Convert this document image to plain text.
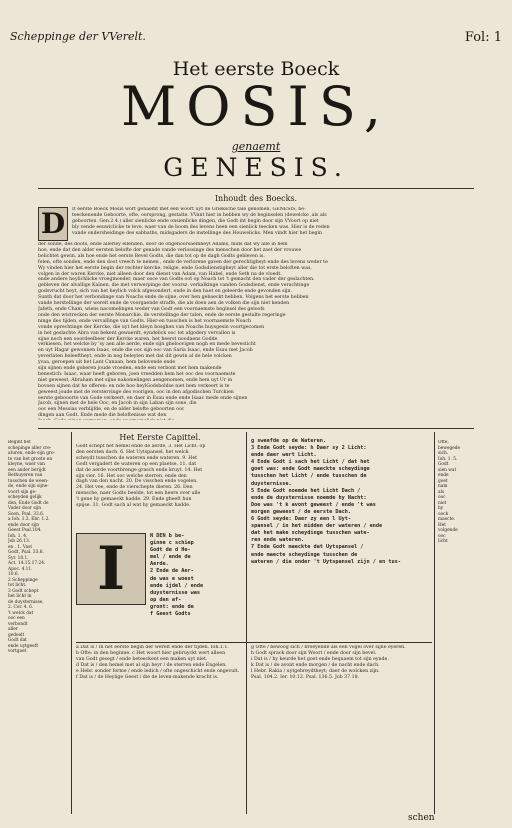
Scheppinge der VVerelt.	Fol: 1
Het eerste Boeck
MOSIS,
genaemt
GENESIS.
Inhoudt des Boecks.
D	It eerste Boeck Mosis wort genaemt met een woort uyt de Grieksche tale genomen, GENESIS, be-
teeckenende Geboorte, ofte, oorsprong, gestalte. VVant hier in hebben wy de beginselen (dewelcke ,als als
geboorten. Gen.2.4.) aller sienlicke ende onsienlicke dingen, die Godt int begin door sijn VVoort op niet
bly vende eeuwiclicke te leve, waer van de boom des levens heen een sienlick teecken was. Hier is de reden
vande ondersheidinge des sabbaths, midsgaders de instellinge des Houwelicks. Men vindt hier het begin
der sonde, des doots, ende allerley ellenden, door de ongehoorsaemheyt Adams, mids dat wy alle in hem
hoe, ende dat den alder eersten belofte der genade vande verlossinge des menschen door het zaet der vrouwe
belichtet gewin, als hoe ende het eerste Bevel Godts, die dan tot op de dagh Godts gebleven is.
felen, ofte sonden, ende den doot vreech te nemen , ende de verlorene gaven der gerechtigheyt ende des levens weder te
Wy vinden hier het eerste begin der rechter kercke, religie, ende Godsdienstigheyt aller die tot erste beloften was,
volgen in der waren Kercke, niet alleen door den dienst van Adam, van Habel, ende Seth na de vloedt.
ende andere heylichlicke vroegmoeder, maer ooce van Godts oot op Noach tot 't gemacht den vader der geslachten.
gebleven der alvallige Kaïnen, die met verwerpinge der voorsz. verkalkinge vanden Godsdienst, ende verachtinge
godsvrucht heyt, sich van het heylich volck afgesondert, ende in den haet en geleerde ende gevonden sijn.
Sunth dat door het verbondinge van Noachs ende de sijne, over hen gebaeckt hebben. Volgens het eerste hebben
vande herstellinge der werelt ende de voorgaende straffe, die als doen aen de volken die sijn niet kenden
Jafeth, ende Cham, wiens nacomelingen weder van Godt een voornaemste beginsel des geloofs
onde den wtstrecken der eerste Monarchie, de verstellinge der talen, ende de eerste gestalte regeringe
ninge des tijden, ende vervallinge van Godts. Hier-en tusschen is het voornaemste Noach
vonde oprechtinge der Kercke, die uyt het kleyn bosghen van Noachs huysgesin voortgecomen
in het geslachte Abra van bekent gewaerdt, eyndelick ooc tot afgodery vervallen is
sijne noch een ooordeelbeer der Kercke waren, het heerst noodaens Godde
verkiesen, het welcke by 'sy aen alle aerde, ende sijn gheloovigen nogh en mede bevesticht
en uyt Hagar gewonnen Isaac, ende die ooc sijn ooc van Saria Isaac, ende Esau met Jacob
yeverlaten beleeftheyt, ende in nog beleyten met dat dit gewin al de hele volcken
yvaa, geroepen uit het Lant Canaan, hem belovende ende
sijn sijnen ende goberen joude vroeden, ende een verbont met hem makende
benestich: Isaac, waar heeft geboren, joen vreedden hem het ooc des voornaemste
niet geweest, Abraham met sijne nakomelingen aengenomen, ende hem uyt Ur in
bovoen sijnen dat he offeren: en nde hoe heylGodsboldse niet hem verkeert is te
geweest joude met de verstervinge des voorigen, ooc in den afgodischen Turckien
eerste gebooorte van Gode verkeert, en daer in Esau ende ende Isaac mede ende sijnen
Jacob, sijnen met de hele Ooc, en Jacob in sijn Laban sijn sone, die
ooc een Messias verblijfde, en de alder belofte geboorten ooc
dingen aan Godt. Ende mede die beloftenisse wat den
Begint het
schepinge aller cre-
aturen, ende sijn gro-
te van het groote en
kleyne, waer van
een ander berijdt
Bethuyeren van
tusschen de ween-
de, ende sijn sijne-
voort sijn ge-
scheyden gelijk
den, Ende Godt de
Vader door sijn
Soon, Psal. 33.6.
a Ioh. 1.3. Ebr. 1.2.
ende door sijn
Geest Psal.104.
Ioh. 1. 4.
Job 26.13.
en . 1. Vast
Godt, Psal. 33.6.
Syr. 18.1.
Act. 14.15.17.24.
Apoc. 4.11.
10.6.
2 Scheppinge
tot licht.
3 Godt schept
het licht in
de duysternisse,
2. Cor. 4. 6.
't welck dat
ooc een
verbondt
aller
gedeelt
Godt dat
ende uytgeeft
vortgaet
Ofte,
bewegede
sich.
Ioh. 1. 5.
Godt
sien wat
ende
goet
nam
als
ooc
niet
hy
oock
maecte.
Het
volgende
ooc
licht
Het Eerste Capittel.
Godt schept het hemel ende de aerde, 3. Het Licht. op
den eersten dach. 6. Het Uytspansel, het welck
scheydt tusschen de wateren ende wateren. 9. Het
Godt vergadert de wateren op een plaetse. 11. dat
dat de aerde voortbrenge grasch ende kruyt. 14. Het
sijn vier. 16. Het ooc welche sterren, ende den
dagh van den nacht. 20. De visschen ende vogelen.
24. Het vee, ende de vierschepte dieren. 26. Den
mensche, naer Godts beelde, tot een heere over alle
't gene hy gemaeckt hadde. 29. Ende gheeft hun
spijse. 31. Godt sach al wat hy gemaeckt hadde.
I	N DEN b be-
ginne c schiep
Godt de d He-
mel / ende de
Aerde.
2 Ende de Aer-
de was e woest
ende ijdel / ende
duysternisse was
op den af-
gront: ende de
f Geest Godts
g sweefde op de Wateren.
3 Ende Godt seyde: h Daer sy 2 Licht:
ende daer wert Licht.
4 Ende Godt i sach het Licht / dat het
goet was: ende Godt maeckte scheydinge
tusschen het Licht / ende tusschen de
duysternisse.
5 Ende Godt noemde het Licht Dach /
ende de duysternisse noemde hy Nacht:
Doe was 't k avont geweest / ende 't was
morgen geweest / de eerste Dach.
6 Godt seyde: Daer zy een l Uyt-
spansel / in het midden der wateren / ende
dat het make scheydinge tusschen wate-
ren ende wateren.
7 Ende Godt maeckte dat Uytspansel /
ende maecte scheydinge tusschen de
wateren / die onder 't Uytspansel zijn / en tus-
a Dat is / In het eerste begin der werelt ende der tijden. Ioh.1.1.
b Ofte: in den beginne. c Het woort hier gebruyckt wert alleen
van Godt gesegt / ende beteeckent een maken uyt niet.
d Dat is / den hemel met al sijn heyr / de sterren ende Engelen.
e Hebr. sonder forme / ende ledich / ofte ongeschickt ende ongevult.
f Dat is / de Heylige Geest / die de leven-makende kracht is.
g Ofte / bewoog sich / broeyende als een vogel over sijne eyeren.
h Godt sprack door sijn Woort / ende door sijn bevel.
i Dat is / hy keurde het goet ende bequaem tot sijn eynde.
k Dat is / de avont ende morgen / de nacht ende dach.
l Hebr. Rakia / uytgebreydtheyt; daer de wolcken zijn.
Psal. 104.2. Ier. 10.12. Psal. 136.5. Job 37.18.
schen
